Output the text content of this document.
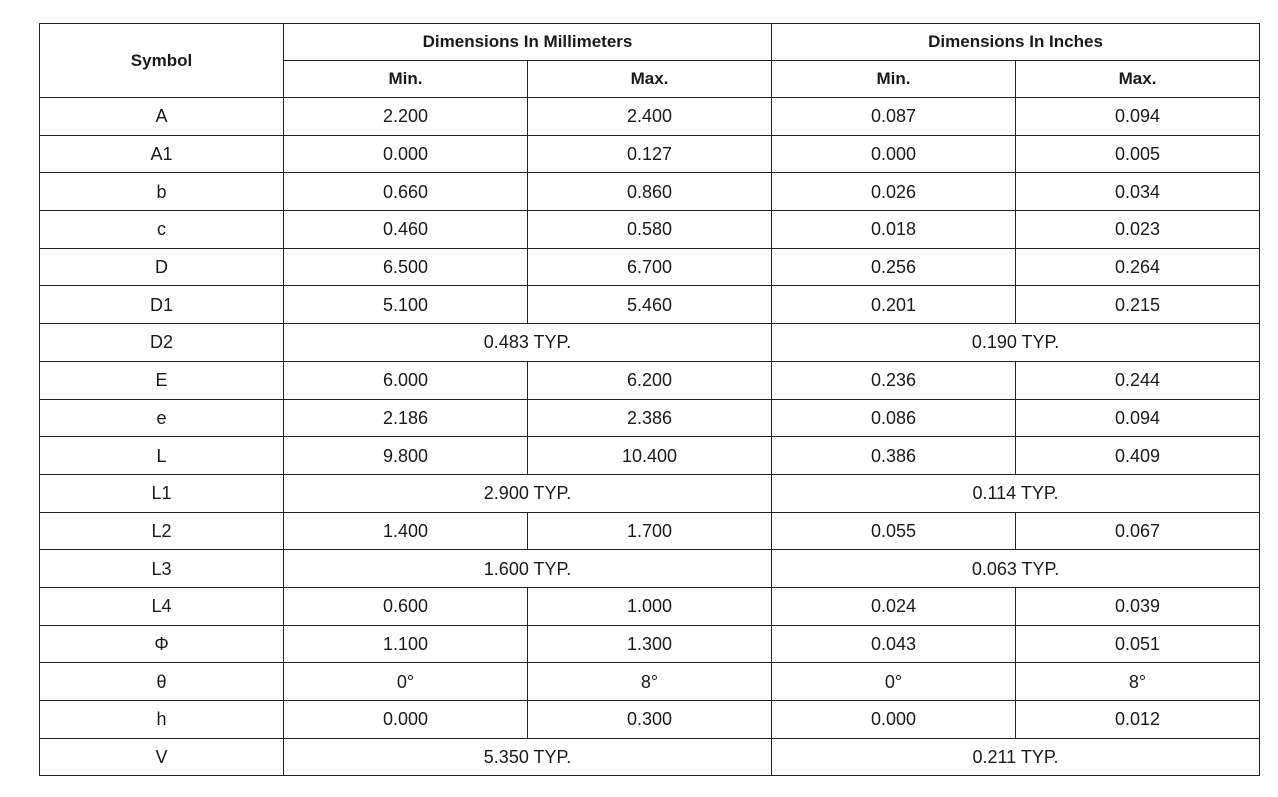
Symbol	Dimensions In Millimeters		Dimensions In Inches	
	Min.	Max.	Min.	Max.
A	2.200	2.400	0.087	0.094
A1	0.000	0.127	0.000	0.005
b	0.660	0.860	0.026	0.034
c	0.460	0.580	0.018	0.023
D	6.500	6.700	0.256	0.264
D1	5.100	5.460	0.201	0.215
D2	0.483 TYP.		0.190 TYP.	
E	6.000	6.200	0.236	0.244
e	2.186	2.386	0.086	0.094
L	9.800	10.400	0.386	0.409
L1	2.900 TYP.		0.114 TYP.	
L2	1.400	1.700	0.055	0.067
L3	1.600 TYP.		0.063 TYP.	
L4	0.600	1.000	0.024	0.039
Φ	1.100	1.300	0.043	0.051
θ	0°	8°	0°	8°
h	0.000	0.300	0.000	0.012
V	5.350 TYP.		0.211 TYP.	
